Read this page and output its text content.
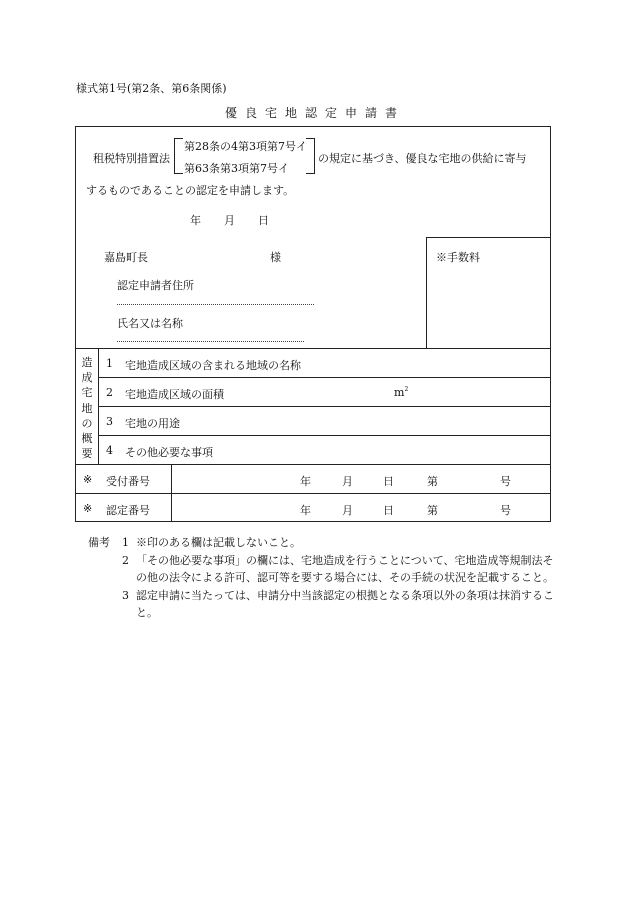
様式第1号(第2条、第6条関係)
優良宅地認定申請書
租税特別措置法
第28条の4第3項第7号イ
第63条第3項第7号イ
の規定に基づき、優良な宅地の供給に寄与
するものであることの認定を申請します。
年 月 日
嘉島町長	様	※手数料
認定申請者住所
氏名又は名称
造
成
宅
地
の
概
要
1 宅地造成区域の含まれる地域の名称
2 宅地造成区域の面積	$m^2$
3 宅地の用途
4 その他必要な事項
※ 受付番号	年	月	日	第	号
※ 認定番号	年	月	日	第	号
備考	1 ※印のある欄は記載しないこと。
2 「その他必要な事項」の欄には、宅地造成を行うことについて、宅地造成等規制法その他の法令による許可、認可等を要する場合には、その手続の状況を記載すること。
3 認定申請に当たっては、申請分中当該認定の根拠となる条項以外の条項は抹消すること。
